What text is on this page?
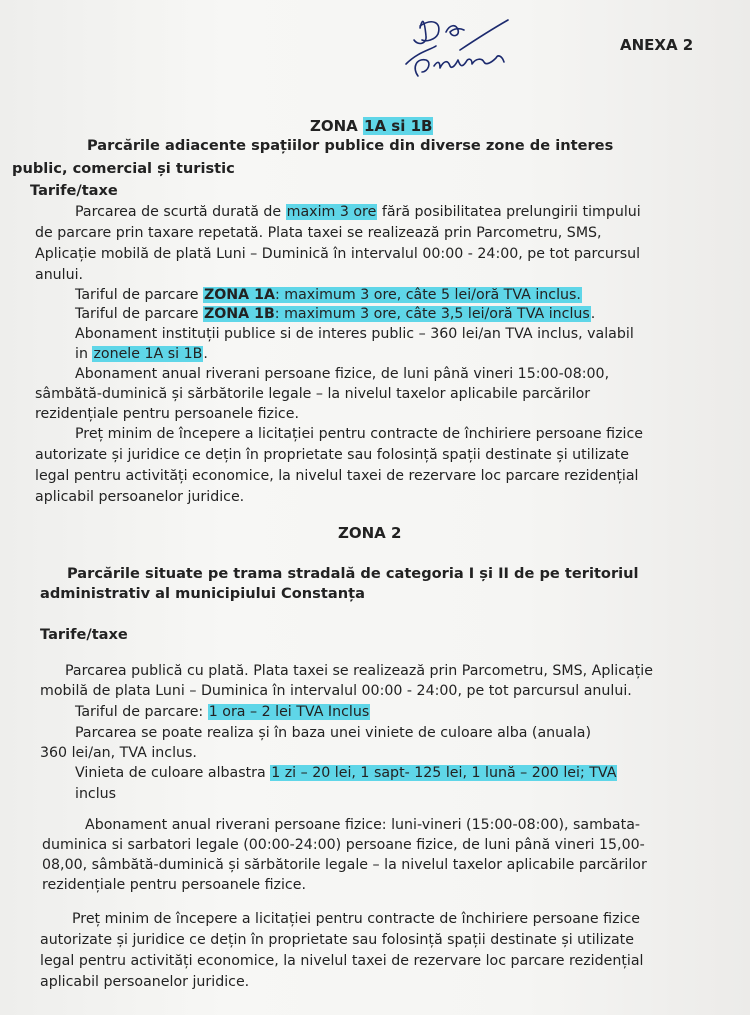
ANEXA 2
ZONA 1A si 1B
Parcările adiacente spațiilor publice din diverse zone de interes
public, comercial și turistic
Tarife/taxe
Parcarea de scurtă durată de maxim 3 ore fără posibilitatea prelungirii timpului
de parcare prin taxare repetată. Plata taxei se realizează prin Parcometru, SMS,
Aplicație mobilă de plată Luni – Duminică în intervalul 00:00 - 24:00, pe tot parcursul
anului.
Tariful de parcare ZONA 1A: maximum 3 ore, câte 5 lei/oră TVA inclus.
Tariful de parcare ZONA 1B: maximum 3 ore, câte 3,5 lei/oră TVA inclus.
Abonament instituții publice si de interes public – 360 lei/an TVA inclus, valabil
in zonele 1A si 1B.
Abonament anual riverani persoane fizice, de luni până vineri 15:00-08:00,
sâmbătă-duminică și sărbătorile legale – la nivelul taxelor aplicabile parcărilor
rezidențiale pentru persoanele fizice.
Preț minim de începere a licitației pentru contracte de închiriere persoane fizice
autorizate și juridice ce dețin în proprietate sau folosință spații destinate și utilizate
legal pentru activități economice, la nivelul taxei de rezervare loc parcare rezidențial
aplicabil persoanelor juridice.
ZONA 2
Parcările situate pe trama stradală de categoria I și II de pe teritoriul
administrativ al municipiului Constanța
Tarife/taxe
Parcarea publică cu plată. Plata taxei se realizează prin Parcometru, SMS, Aplicație
mobilă de plata Luni – Duminica în intervalul 00:00 - 24:00, pe tot parcursul anului.
Tariful de parcare: 1 ora – 2 lei TVA Inclus
Parcarea se poate realiza și în baza unei viniete de culoare alba (anuala)
360 lei/an, TVA inclus.
Vinieta de culoare albastra 1 zi – 20 lei, 1 sapt- 125 lei, 1 lună – 200 lei; TVA
inclus
Abonament anual riverani persoane fizice: luni-vineri (15:00-08:00), sambata-
duminica si sarbatori legale (00:00-24:00) persoane fizice, de luni până vineri 15,00-
08,00, sâmbătă-duminică și sărbătorile legale – la nivelul taxelor aplicabile parcărilor
rezidențiale pentru persoanele fizice.
Preț minim de începere a licitației pentru contracte de închiriere persoane fizice
autorizate și juridice ce dețin în proprietate sau folosință spații destinate și utilizate
legal pentru activități economice, la nivelul taxei de rezervare loc parcare rezidențial
aplicabil persoanelor juridice.
